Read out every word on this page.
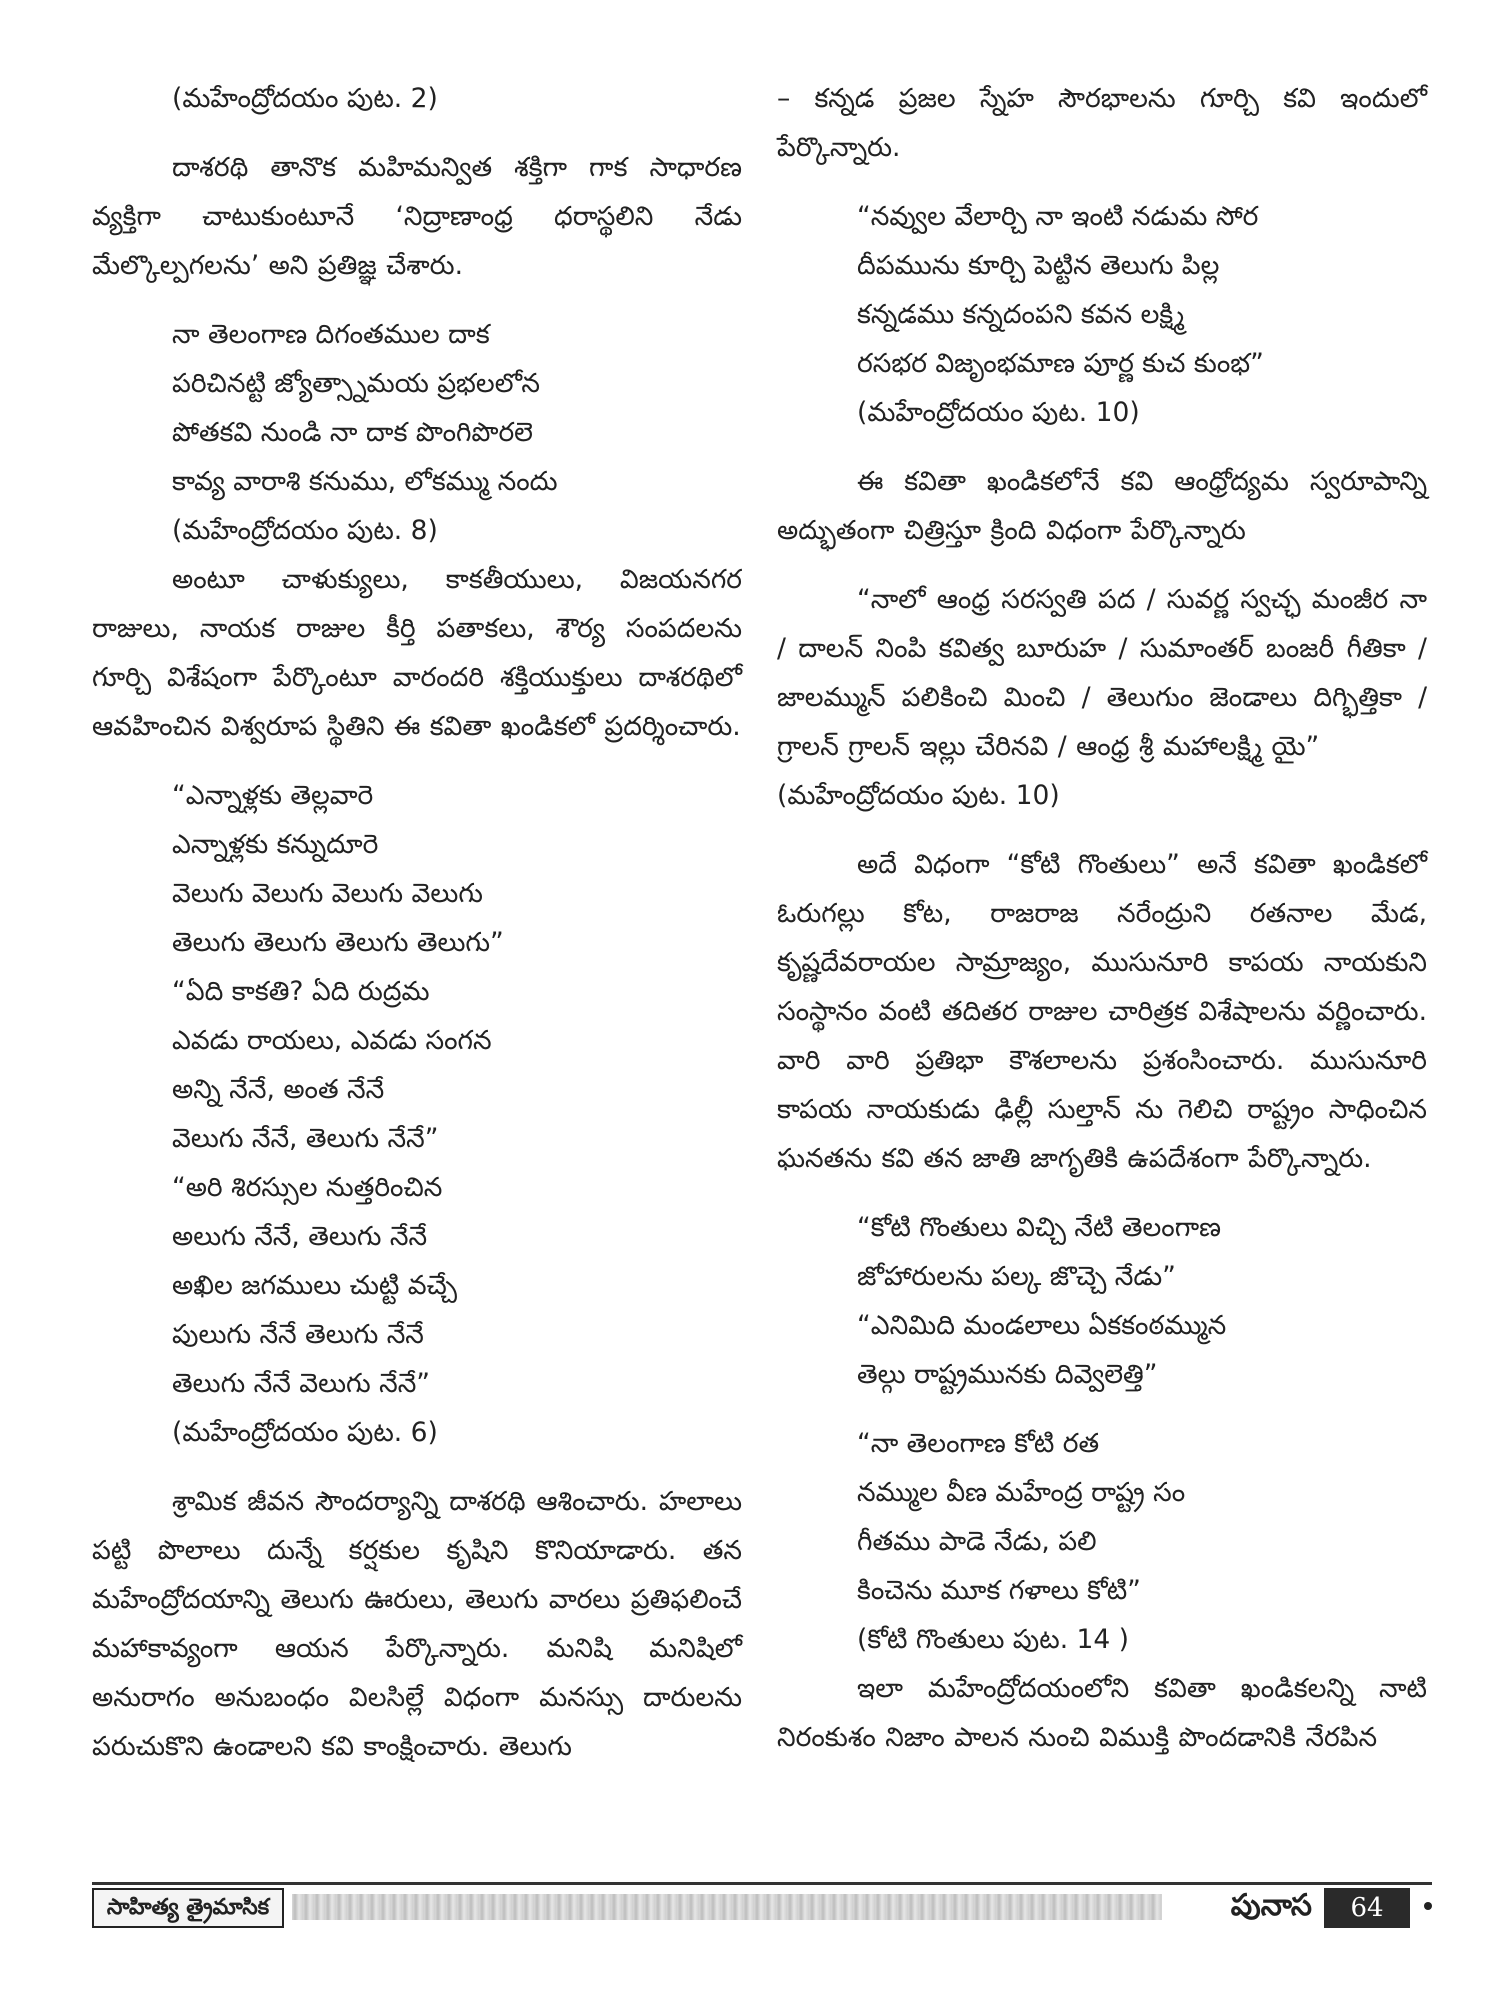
(మహేంద్రోదయం పుట. 2)

దాశరథి తానొక మహిమన్విత శక్తిగా గాక సాధారణ వ్యక్తిగా చాటుకుంటూనే ‘నిద్రాణాంధ్ర ధరాస్థలిని నేడు మేల్కొల్పగలను’ అని ప్రతిజ్ఞ చేశారు.

నా తెలంగాణ దిగంతముల దాక
పరిచినట్టి జ్యోత్స్నామయ ప్రభలలోన
పోతకవి నుండి నా దాక పొంగిపొరలె
కావ్య వారాశి కనుము, లోకమ్ము నందు
(మహేంద్రోదయం పుట. 8)

అంటూ చాళుక్యులు, కాకతీయులు, విజయనగర రాజులు, నాయక రాజుల కీర్తి పతాకలు, శౌర్య సంపదలను గూర్చి విశేషంగా పేర్కొంటూ వారందరి శక్తియుక్తులు దాశరథిలో ఆవహించిన విశ్వరూప స్థితిని ఈ కవితా ఖండికలో ప్రదర్శించారు.

“ఎన్నాళ్లకు తెల్లవారె
ఎన్నాళ్లకు కన్నుదూరె
వెలుగు వెలుగు వెలుగు వెలుగు
తెలుగు తెలుగు తెలుగు తెలుగు”
“ఏది కాకతి? ఏది రుద్రమ
ఎవడు రాయలు, ఎవడు సంగన
అన్ని నేనే, అంత నేనే
వెలుగు నేనే, తెలుగు నేనే”
“అరి శిరస్సుల నుత్తరించిన
అలుగు నేనే, తెలుగు నేనే
అఖిల జగములు చుట్టి వచ్చే
పులుగు నేనే తెలుగు నేనే
తెలుగు నేనే వెలుగు నేనే”
(మహేంద్రోదయం పుట. 6)

శ్రామిక జీవన సౌందర్యాన్ని దాశరథి ఆశించారు. హలాలు పట్టి పొలాలు దున్నే కర్షకుల కృషిని కొనియాడారు. తన మహేంద్రోదయాన్ని తెలుగు ఊరులు, తెలుగు వారలు ప్రతిఫలించే మహాకావ్యంగా ఆయన పేర్కొన్నారు. మనిషి మనిషిలో అనురాగం అనుబంధం విలసిల్లే విధంగా మనస్సు దారులను పరుచుకొని ఉండాలని కవి కాంక్షించారు. తెలుగు

– కన్నడ ప్రజల స్నేహ సౌరభాలను గూర్చి కవి ఇందులో పేర్కొన్నారు.

“నవ్వుల వేలార్చి నా ఇంటి నడుమ సోర
దీపమును కూర్చి పెట్టిన తెలుగు పిల్ల
కన్నడము కన్నదంపని కవన లక్ష్మి
రసభర విజృంభమాణ పూర్ణ కుచ కుంభ”
(మహేంద్రోదయం పుట. 10)

ఈ కవితా ఖండికలోనే కవి ఆంధ్రోద్యమ స్వరూపాన్ని అద్భుతంగా చిత్రిస్తూ క్రింది విధంగా పేర్కొన్నారు

“నాలో ఆంధ్ర సరస్వతి పద / సువర్ణ స్వచ్ఛ మంజీర నా / దాలన్ నింపి కవిత్వ బూరుహ / సుమాంతర్ బంజరీ గీతికా / జాలమ్మున్ పలికించి మించి / తెలుగుం జెండాలు దిగ్భిత్తికా / గ్రాలన్ గ్రాలన్ ఇల్లు చేరినవి / ఆంధ్ర శ్రీ మహాలక్ష్మి యై”

(మహేంద్రోదయం పుట. 10)

అదే విధంగా “కోటి గొంతులు” అనే కవితా ఖండికలో ఓరుగల్లు కోట, రాజరాజ నరేంద్రుని రతనాల మేడ, కృష్ణదేవరాయల సామ్రాజ్యం, ముసునూరి కాపయ నాయకుని సంస్థానం వంటి తదితర రాజుల చారిత్రక విశేషాలను వర్ణించారు. వారి వారి ప్రతిభా కౌశలాలను ప్రశంసించారు. ముసునూరి కాపయ నాయకుడు ఢిల్లీ సుల్తాన్ ను గెలిచి రాష్ట్రం సాధించిన ఘనతను కవి తన జాతి జాగృతికి ఉపదేశంగా పేర్కొన్నారు.

“కోటి గొంతులు విచ్చి నేటి తెలంగాణ
జోహారులను పల్క జొచ్చె నేడు”
“ఎనిమిది మండలాలు ఏకకంఠమ్మున
తెల్గు రాష్ట్రమునకు దివ్వెలెత్తి”
“నా తెలంగాణ కోటి రత
నమ్ముల వీణ మహేంద్ర రాష్ట్ర సం
గీతము పాడె నేడు, పలి
కించెను మూక గళాలు కోటి”
(కోటి గొంతులు పుట. 14 )

ఇలా మహేంద్రోదయంలోని కవితా ఖండికలన్ని నాటి నిరంకుశం నిజాం పాలన నుంచి విముక్తి పొందడానికి నేరపిన

సాహిత్య త్రైమాసిక	పునాస	64
